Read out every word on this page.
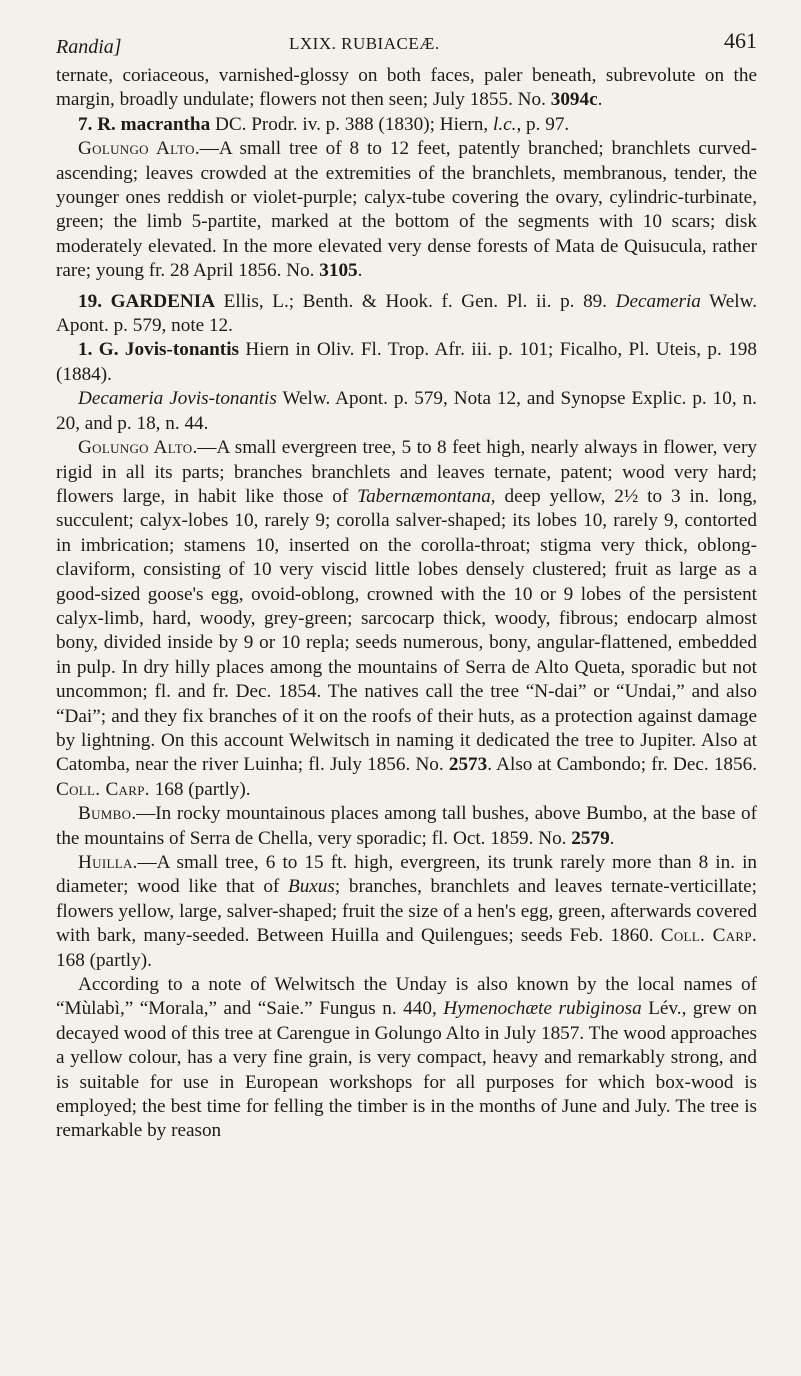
Randia]	LXIX. RUBIACEÆ.	461

ternate, coriaceous, varnished-glossy on both faces, paler beneath, subrevolute on the margin, broadly undulate; flowers not then seen; July 1855. No. 3094c.

7. R. macrantha DC. Prodr. iv. p. 388 (1830); Hiern, l.c., p. 97.

Golungo Alto.—A small tree of 8 to 12 feet, patently branched; branchlets curved-ascending; leaves crowded at the extremities of the branchlets, membranous, tender, the younger ones reddish or violet-purple; calyx-tube covering the ovary, cylindric-turbinate, green; the limb 5-partite, marked at the bottom of the segments with 10 scars; disk moderately elevated. In the more elevated very dense forests of Mata de Quisucula, rather rare; young fr. 28 April 1856. No. 3105.

19. GARDENIA Ellis, L.; Benth. & Hook. f. Gen. Pl. ii. p. 89. Decameria Welw. Apont. p. 579, note 12.

1. G. Jovis-tonantis Hiern in Oliv. Fl. Trop. Afr. iii. p. 101; Ficalho, Pl. Uteis, p. 198 (1884).

Decameria Jovis-tonantis Welw. Apont. p. 579, Nota 12, and Synopse Explic. p. 10, n. 20, and p. 18, n. 44.

Golungo Alto.—A small evergreen tree, 5 to 8 feet high, nearly always in flower, very rigid in all its parts; branches branchlets and leaves ternate, patent; wood very hard; flowers large, in habit like those of Tabernæmontana, deep yellow, 2½ to 3 in. long, succulent; calyx-lobes 10, rarely 9; corolla salver-shaped; its lobes 10, rarely 9, contorted in imbrication; stamens 10, inserted on the corolla-throat; stigma very thick, oblong-claviform, consisting of 10 very viscid little lobes densely clustered; fruit as large as a good-sized goose's egg, ovoid-oblong, crowned with the 10 or 9 lobes of the persistent calyx-limb, hard, woody, grey-green; sarcocarp thick, woody, fibrous; endocarp almost bony, divided inside by 9 or 10 repla; seeds numerous, bony, angular-flattened, embedded in pulp. In dry hilly places among the mountains of Serra de Alto Queta, sporadic but not uncommon; fl. and fr. Dec. 1854. The natives call the tree “N-dai” or “Undai,” and also “Dai”; and they fix branches of it on the roofs of their huts, as a protection against damage by lightning. On this account Welwitsch in naming it dedicated the tree to Jupiter. Also at Catomba, near the river Luinha; fl. July 1856. No. 2573. Also at Cambondo; fr. Dec. 1856. Coll. Carp. 168 (partly).

Bumbo.—In rocky mountainous places among tall bushes, above Bumbo, at the base of the mountains of Serra de Chella, very sporadic; fl. Oct. 1859. No. 2579.

Huilla.—A small tree, 6 to 15 ft. high, evergreen, its trunk rarely more than 8 in. in diameter; wood like that of Buxus; branches, branchlets and leaves ternate-verticillate; flowers yellow, large, salver-shaped; fruit the size of a hen's egg, green, afterwards covered with bark, many-seeded. Between Huilla and Quilengues; seeds Feb. 1860. Coll. Carp. 168 (partly).

According to a note of Welwitsch the Unday is also known by the local names of “Mùlabì,” “Morala,” and “Saie.” Fungus n. 440, Hymenochæte rubiginosa Lév., grew on decayed wood of this tree at Carengue in Golungo Alto in July 1857. The wood approaches a yellow colour, has a very fine grain, is very compact, heavy and remarkably strong, and is suitable for use in European workshops for all purposes for which box-wood is employed; the best time for felling the timber is in the months of June and July. The tree is remarkable by reason
